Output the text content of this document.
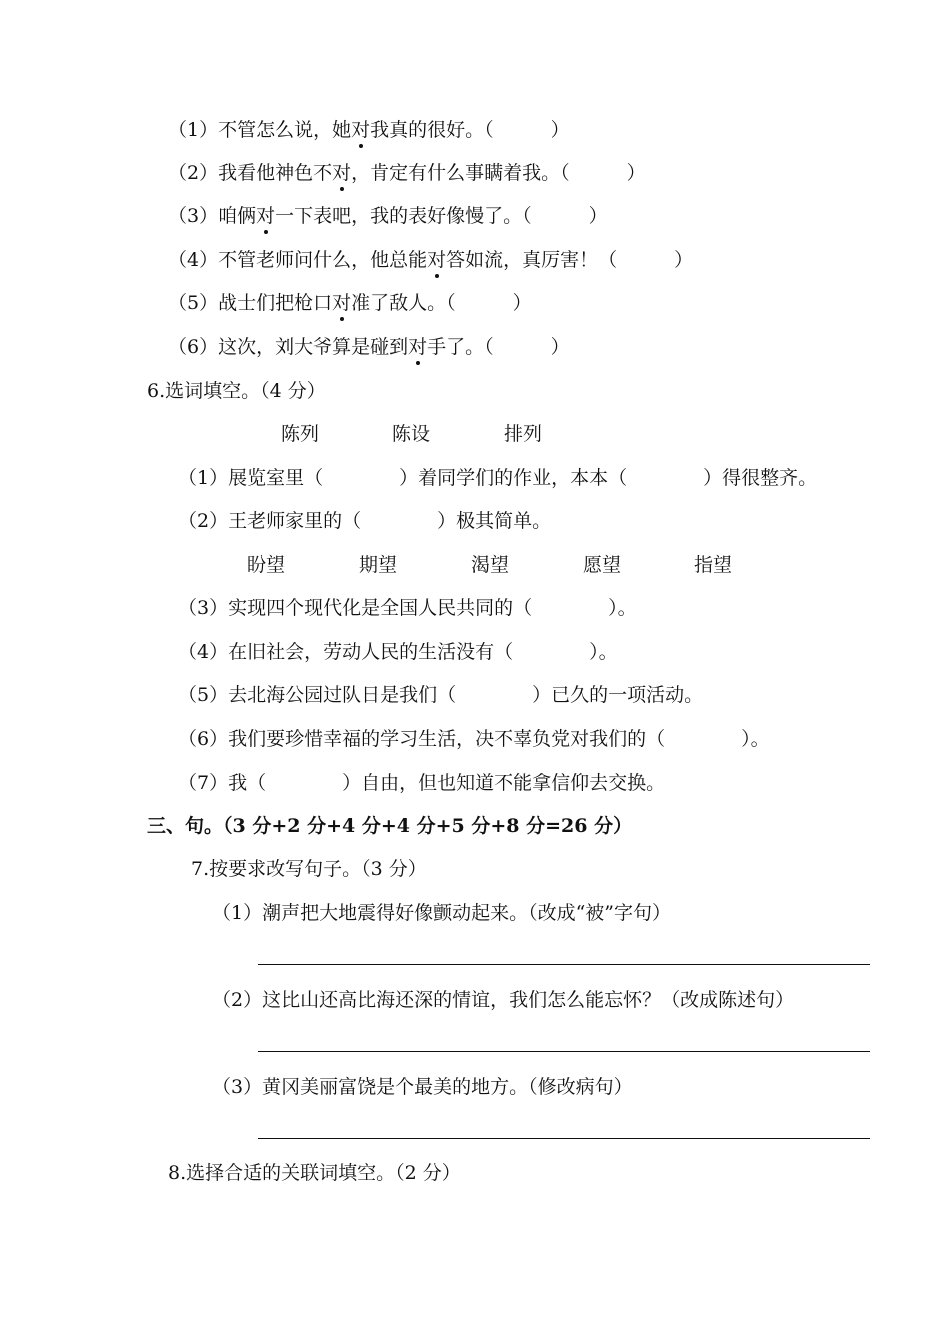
（1）不管怎么说，她对我真的很好。（　　　）
（2）我看他神色不对，肯定有什么事瞒着我。（　　　）
（3）咱俩对一下表吧，我的表好像慢了。（　　　）
（4）不管老师问什么，他总能对答如流，真厉害！（　　　）
（5）战士们把枪口对准了敌人。（　　　）
（6）这次，刘大爷算是碰到对手了。（　　　）
6.选词填空。（4 分）
陈列	陈设	排列
（1）展览室里（　　　　）着同学们的作业，本本（　　　　）得很整齐。
（2）王老师家里的（　　　　）极其简单。
盼望	期望	渴望	愿望	指望
（3）实现四个现代化是全国人民共同的（　　　　）。
（4）在旧社会，劳动人民的生活没有（　　　　）。
（5）去北海公园过队日是我们（　　　　）已久的一项活动。
（6）我们要珍惜幸福的学习生活，决不辜负党对我们的（　　　　）。
（7）我（　　　　）自由，但也知道不能拿信仰去交换。
三、句。（3 分+2 分+4 分+4 分+5 分+8 分=26 分）
7.按要求改写句子。（3 分）
（1）潮声把大地震得好像颤动起来。（改成“被”字句）
（2）这比山还高比海还深的情谊，我们怎么能忘怀？（改成陈述句）
（3）黄冈美丽富饶是个最美的地方。（修改病句）
8.选择合适的关联词填空。（2 分）
